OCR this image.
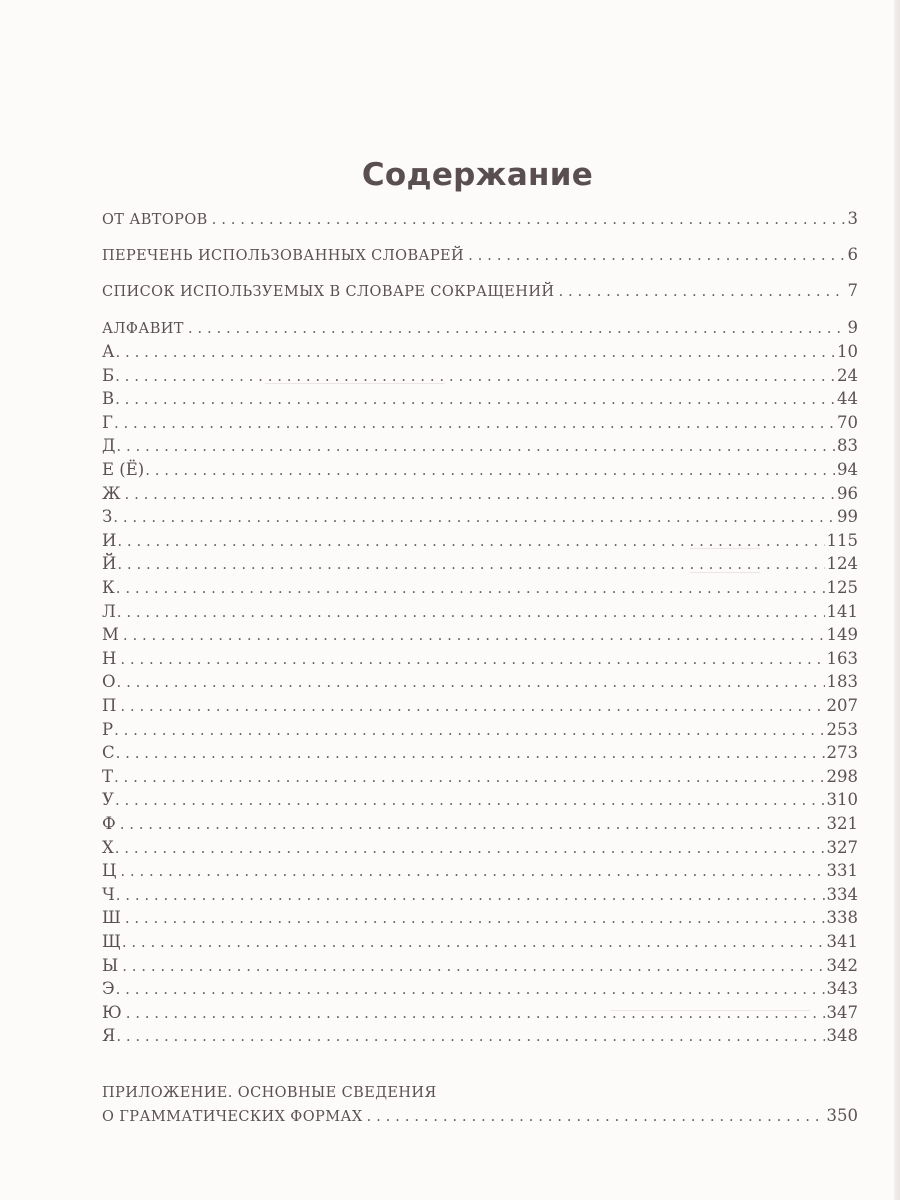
Содержание
ОТ АВТОРОВ . . .	3
ПЕРЕЧЕНЬ ИСПОЛЬЗОВАННЫХ СЛОВАРЕЙ . . .	6
СПИСОК ИСПОЛЬЗУЕМЫХ В СЛОВАРЕ СОКРАЩЕНИЙ . . .	7
АЛФАВИТ . . .	9
А . . .	10
Б . . .	24
В . . .	44
Г . . .	70
Д . . .	83
Е (Ё) . . .	94
Ж . . .	96
З . . .	99
И . . .	115
Й . . .	124
К . . .	125
Л . . .	141
М . . .	149
Н . . .	163
О . . .	183
П . . .	207
Р . . .	253
С . . .	273
Т . . .	298
У . . .	310
Ф . . .	321
Х . . .	327
Ц . . .	331
Ч . . .	334
Ш . . .	338
Щ . . .	341
Ы . . .	342
Э . . .	343
Ю . . .	347
Я . . .	348
ПРИЛОЖЕНИЕ. ОСНОВНЫЕ СВЕДЕНИЯ
О ГРАММАТИЧЕСКИХ ФОРМАХ . . .	350
